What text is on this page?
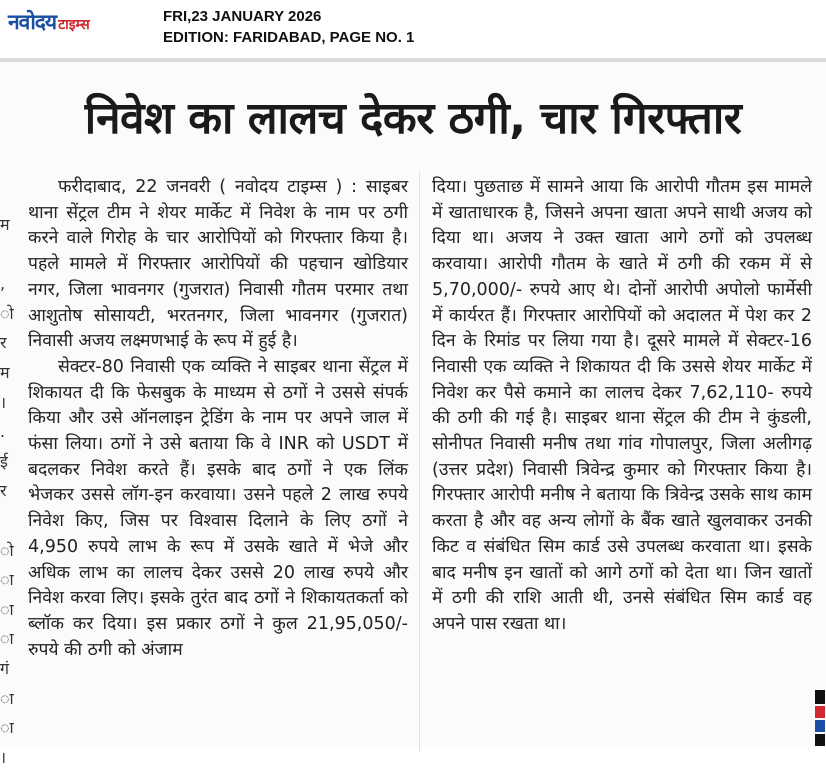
नवोदय टाइम्स	FRI,23 JANUARY 2026
EDITION: FARIDABAD, PAGE NO. 1
निवेश का लालच देकर ठगी, चार गिरफ्तार
म
,
ो
र
म
।
.
ई
र
ो
ा
ा
ा
गं
ा
ा
।

फरीदाबाद, 22 जनवरी ( नवोदय टाइम्स ) : साइबर थाना सेंट्रल टीम ने शेयर मार्केट में निवेश के नाम पर ठगी करने वाले गिरोह के चार आरोपियों को गिरफ्तार किया है। पहले मामले में गिरफ्तार आरोपियों की पहचान खोडियार नगर, जिला भावनगर (गुजरात) निवासी गौतम परमार तथा आशुतोष सोसायटी, भरतनगर, जिला भावनगर (गुजरात) निवासी अजय लक्ष्मणभाई के रूप में हुई है।

सेक्टर-80 निवासी एक व्यक्ति ने साइबर थाना सेंट्रल में शिकायत दी कि फेसबुक के माध्यम से ठगों ने उससे संपर्क किया और उसे ऑनलाइन ट्रेडिंग के नाम पर अपने जाल में फंसा लिया। ठगों ने उसे बताया कि वे INR को USDT में बदलकर निवेश करते हैं। इसके बाद ठगों ने एक लिंक भेजकर उससे लॉग-इन करवाया। उसने पहले 2 लाख रुपये निवेश किए, जिस पर विश्वास दिलाने के लिए ठगों ने 4,950 रुपये लाभ के रूप में उसके खाते में भेजे और अधिक लाभ का लालच देकर उससे 20 लाख रुपये और निवेश करवा लिए। इसके तुरंत बाद ठगों ने शिकायतकर्ता को ब्लॉक कर दिया। इस प्रकार ठगों ने कुल 21,95,050/- रुपये की ठगी को अंजाम

दिया। पुछताछ में सामने आया कि आरोपी गौतम इस मामले में खाताधारक है, जिसने अपना खाता अपने साथी अजय को दिया था। अजय ने उक्त खाता आगे ठगों को उपलब्ध करवाया। आरोपी गौतम के खाते में ठगी की रकम में से 5,70,000/- रुपये आए थे। दोनों आरोपी अपोलो फार्मेसी में कार्यरत हैं। गिरफ्तार आरोपियों को अदालत में पेश कर 2 दिन के रिमांड पर लिया गया है। दूसरे मामले में सेक्टर-16 निवासी एक व्यक्ति ने शिकायत दी कि उससे शेयर मार्केट में निवेश कर पैसे कमाने का लालच देकर 7,62,110- रुपये की ठगी की गई है। साइबर थाना सेंट्रल की टीम ने कुंडली, सोनीपत निवासी मनीष तथा गांव गोपालपुर, जिला अलीगढ़ (उत्तर प्रदेश) निवासी त्रिवेन्द्र कुमार को गिरफ्तार किया है। गिरफ्तार आरोपी मनीष ने बताया कि त्रिवेन्द्र उसके साथ काम करता है और वह अन्य लोगों के बैंक खाते खुलवाकर उनकी किट व संबंधित सिम कार्ड उसे उपलब्ध करवाता था। इसके बाद मनीष इन खातों को आगे ठगों को देता था। जिन खातों में ठगी की राशि आती थी, उनसे संबंधित सिम कार्ड वह अपने पास रखता था।
